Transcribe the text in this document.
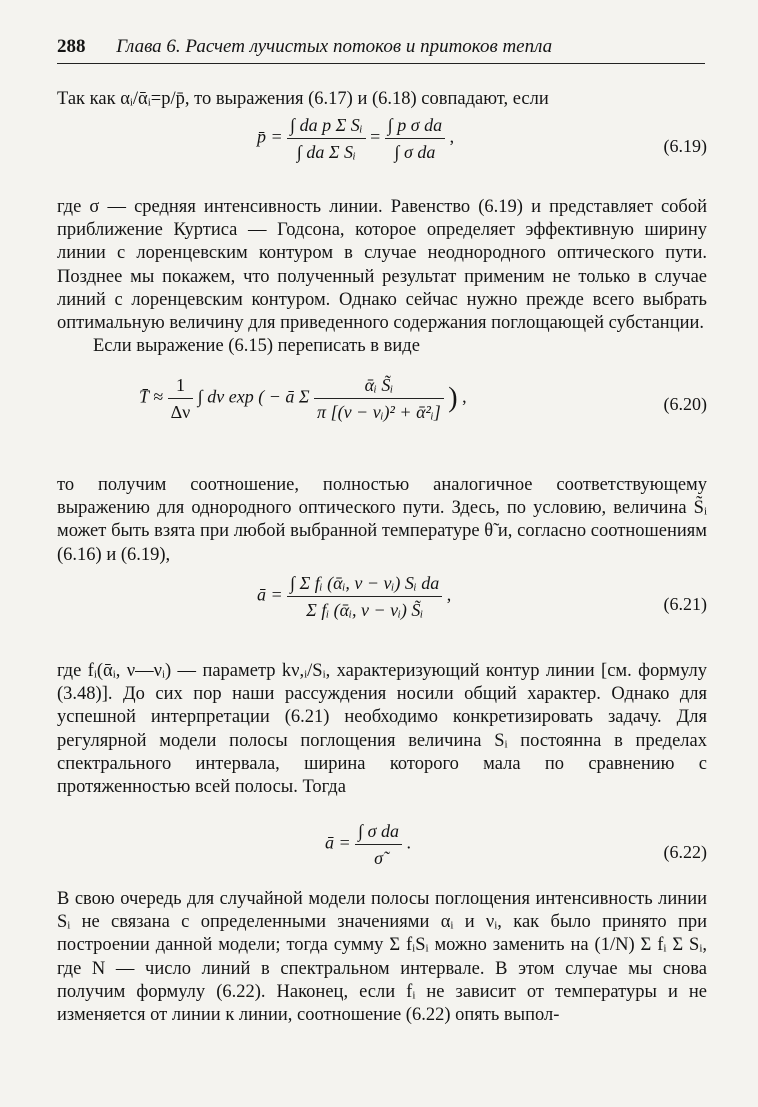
288 Глава 6. Расчет лучистых потоков и притоков тепла

Так как αᵢ/ᾱᵢ=p/p̄, то выражения (6.17) и (6.18) совпадают, если

p̄ = $\frac{\text{∫ da p Σ Sᵢ}}{\text{∫ da Σ Sᵢ}} = \frac{\text{∫ p σ da}}{\text{∫ σ da}}$ ,	(6.19)

где σ — средняя интенсивность линии. Равенство (6.19) и представляет собой приближение Куртиса — Годсона, которое определяет эффективную ширину линии с лоренцевским контуром в случае неоднородного оптического пути. Позднее мы покажем, что полученный результат применим не только в случае линий с лоренцевским контуром. Однако сейчас нужно прежде всего выбрать оптимальную величину для приведенного содержания поглощающей субстанции.

Если выражение (6.15) переписать в виде

T̄ ≈ $\frac{1}{\Delta\nu}$ ∫ dν exp ( − ā Σ $\frac{\text{ᾱᵢ S̃ᵢ}}{\text{π [(ν − νᵢ)² + ᾱ²ᵢ]}}$ ) ,	(6.20)

то получим соотношение, полностью аналогичное соответствующему выражению для однородного оптического пути. Здесь, по условию, величина S̃ᵢ может быть взята при любой выбранной температуре θ̃ и, согласно соотношениям (6.16) и (6.19),

ā = $\frac{\text{∫ Σ fᵢ (ᾱᵢ, ν − νᵢ) Sᵢ da}}{\text{Σ fᵢ (ᾱᵢ, ν − νᵢ) S̃ᵢ}}$ ,	(6.21)

где fᵢ(ᾱᵢ, ν—νᵢ) — параметр kν,ᵢ/Sᵢ, характеризующий контур линии [см. формулу (3.48)]. До сих пор наши рассуждения носили общий характер. Однако для успешной интерпретации (6.21) необходимо конкретизировать задачу. Для регулярной модели полосы поглощения величина Sᵢ постоянна в пределах спектрального интервала, ширина которого мала по сравнению с протяженностью всей полосы. Тогда

ā = $\frac{\text{∫ σ da}}{\sigmã}$ .	(6.22)

В свою очередь для случайной модели полосы поглощения интенсивность линии Sᵢ не связана с определенными значениями αᵢ и νᵢ, как было принято при построении данной модели; тогда сумму Σ fᵢSᵢ можно заменить на (1/N) Σ fᵢ Σ Sᵢ, где N — число линий в спектральном интервале. В этом случае мы снова получим формулу (6.22). Наконец, если fᵢ не зависит от температуры и не изменяется от линии к линии, соотношение (6.22) опять выпол-
